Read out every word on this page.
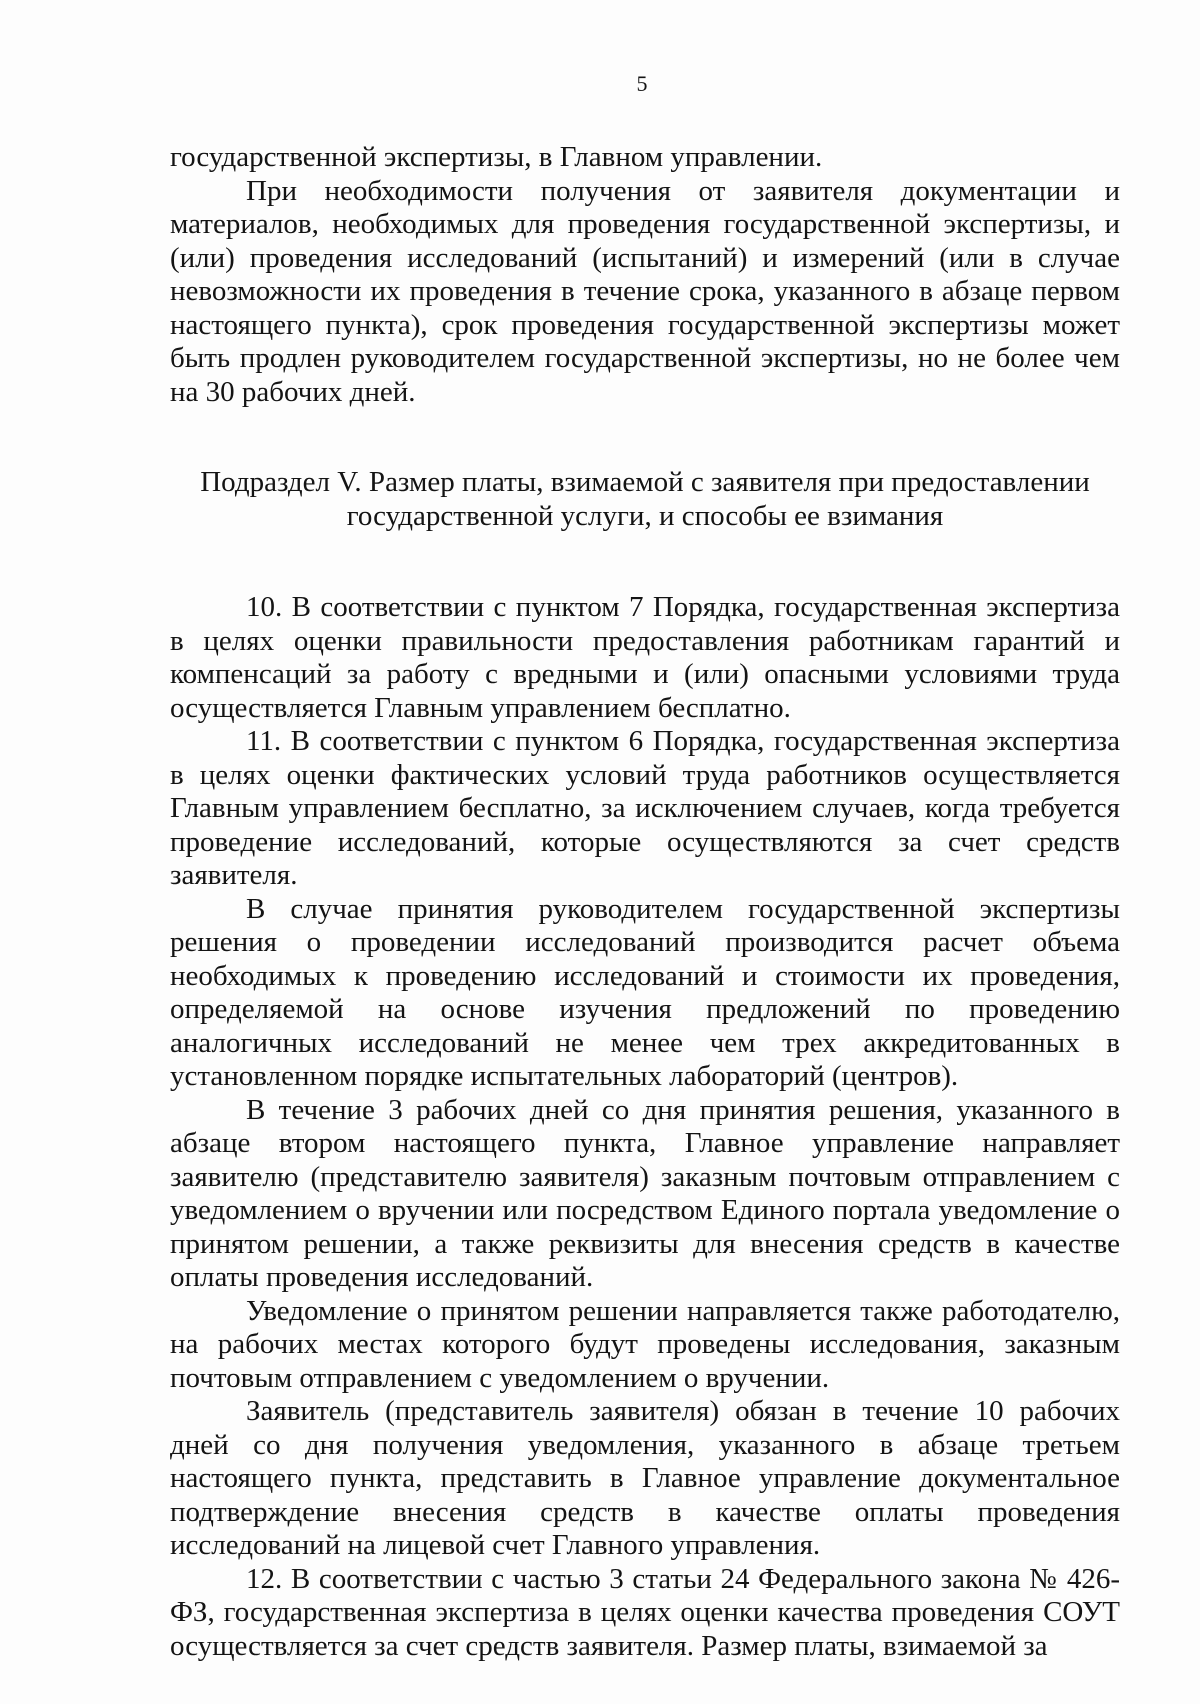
5

государственной экспертизы, в Главном управлении.

При необходимости получения от заявителя документации и материалов, необходимых для проведения государственной экспертизы, и (или) проведения исследований (испытаний) и измерений (или в случае невозможности их проведения в течение срока, указанного в абзаце первом настоящего пункта), срок проведения государственной экспертизы может быть продлен руководителем государственной экспертизы, но не более чем на 30 рабочих дней.

Подраздел V. Размер платы, взимаемой с заявителя при предоставлении
государственной услуги, и способы ее взимания

10. В соответствии с пунктом 7 Порядка, государственная экспертиза в целях оценки правильности предоставления работникам гарантий и компенсаций за работу с вредными и (или) опасными условиями труда осуществляется Главным управлением бесплатно.

11. В соответствии с пунктом 6 Порядка, государственная экспертиза в целях оценки фактических условий труда работников осуществляется Главным управлением бесплатно, за исключением случаев, когда требуется проведение исследований, которые осуществляются за счет средств заявителя.

В случае принятия руководителем государственной экспертизы решения о проведении исследований производится расчет объема необходимых к проведению исследований и стоимости их проведения, определяемой на основе изучения предложений по проведению аналогичных исследований не менее чем трех аккредитованных в установленном порядке испытательных лабораторий (центров).

В течение 3 рабочих дней со дня принятия решения, указанного в абзаце втором настоящего пункта, Главное управление направляет заявителю (представителю заявителя) заказным почтовым отправлением с уведомлением о вручении или посредством Единого портала уведомление о принятом решении, а также реквизиты для внесения средств в качестве оплаты проведения исследований.

Уведомление о принятом решении направляется также работодателю, на рабочих местах которого будут проведены исследования, заказным почтовым отправлением с уведомлением о вручении.

Заявитель (представитель заявителя) обязан в течение 10 рабочих дней со дня получения уведомления, указанного в абзаце третьем настоящего пункта, представить в Главное управление документальное подтверждение внесения средств в качестве оплаты проведения исследований на лицевой счет Главного управления.

12. В соответствии с частью 3 статьи 24 Федерального закона № 426-ФЗ, государственная экспертиза в целях оценки качества проведения СОУТ осуществляется за счет средств заявителя. Размер платы, взимаемой за
